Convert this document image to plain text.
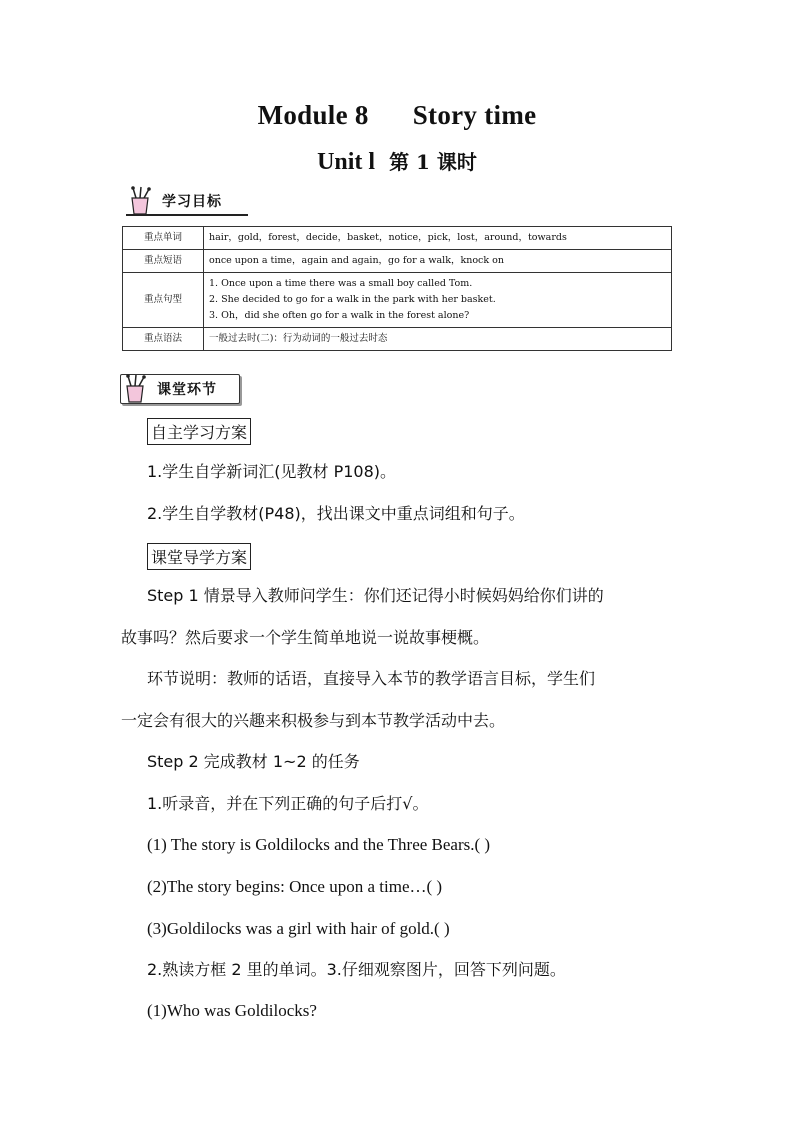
Module 8 Story time
Unit l 第 1 课时
学习目标
重点单词	hair，gold，forest，decide，basket，notice，pick，lost，around，towards

重点短语	once upon a time，again and again，go for a walk，knock on

重点句型	1. Once upon a time there was a small boy called Tom.
2. She decided to go for a walk in the park with her basket.
3. Oh，did she often go for a walk in the forest alone?

重点语法	一般过去时(二)：行为动词的一般过去时态
课堂环节
自主学习方案
1.学生自学新词汇(见教材 P108)。
2.学生自学教材(P48)，找出课文中重点词组和句子。
课堂导学方案
Step 1 情景导入教师问学生：你们还记得小时候妈妈给你们讲的
故事吗？然后要求一个学生简单地说一说故事梗概。
环节说明：教师的话语，直接导入本节的教学语言目标，学生们
一定会有很大的兴趣来积极参与到本节教学活动中去。
Step 2 完成教材 1~2 的任务
1.听录音，并在下列正确的句子后打√。
(1) The story is Goldilocks and the Three Bears.( )
(2)The story begins: Once upon a time…( )
(3)Goldilocks was a girl with hair of gold.( )
2.熟读方框 2 里的单词。3.仔细观察图片，回答下列问题。
(1)Who was Goldilocks?
